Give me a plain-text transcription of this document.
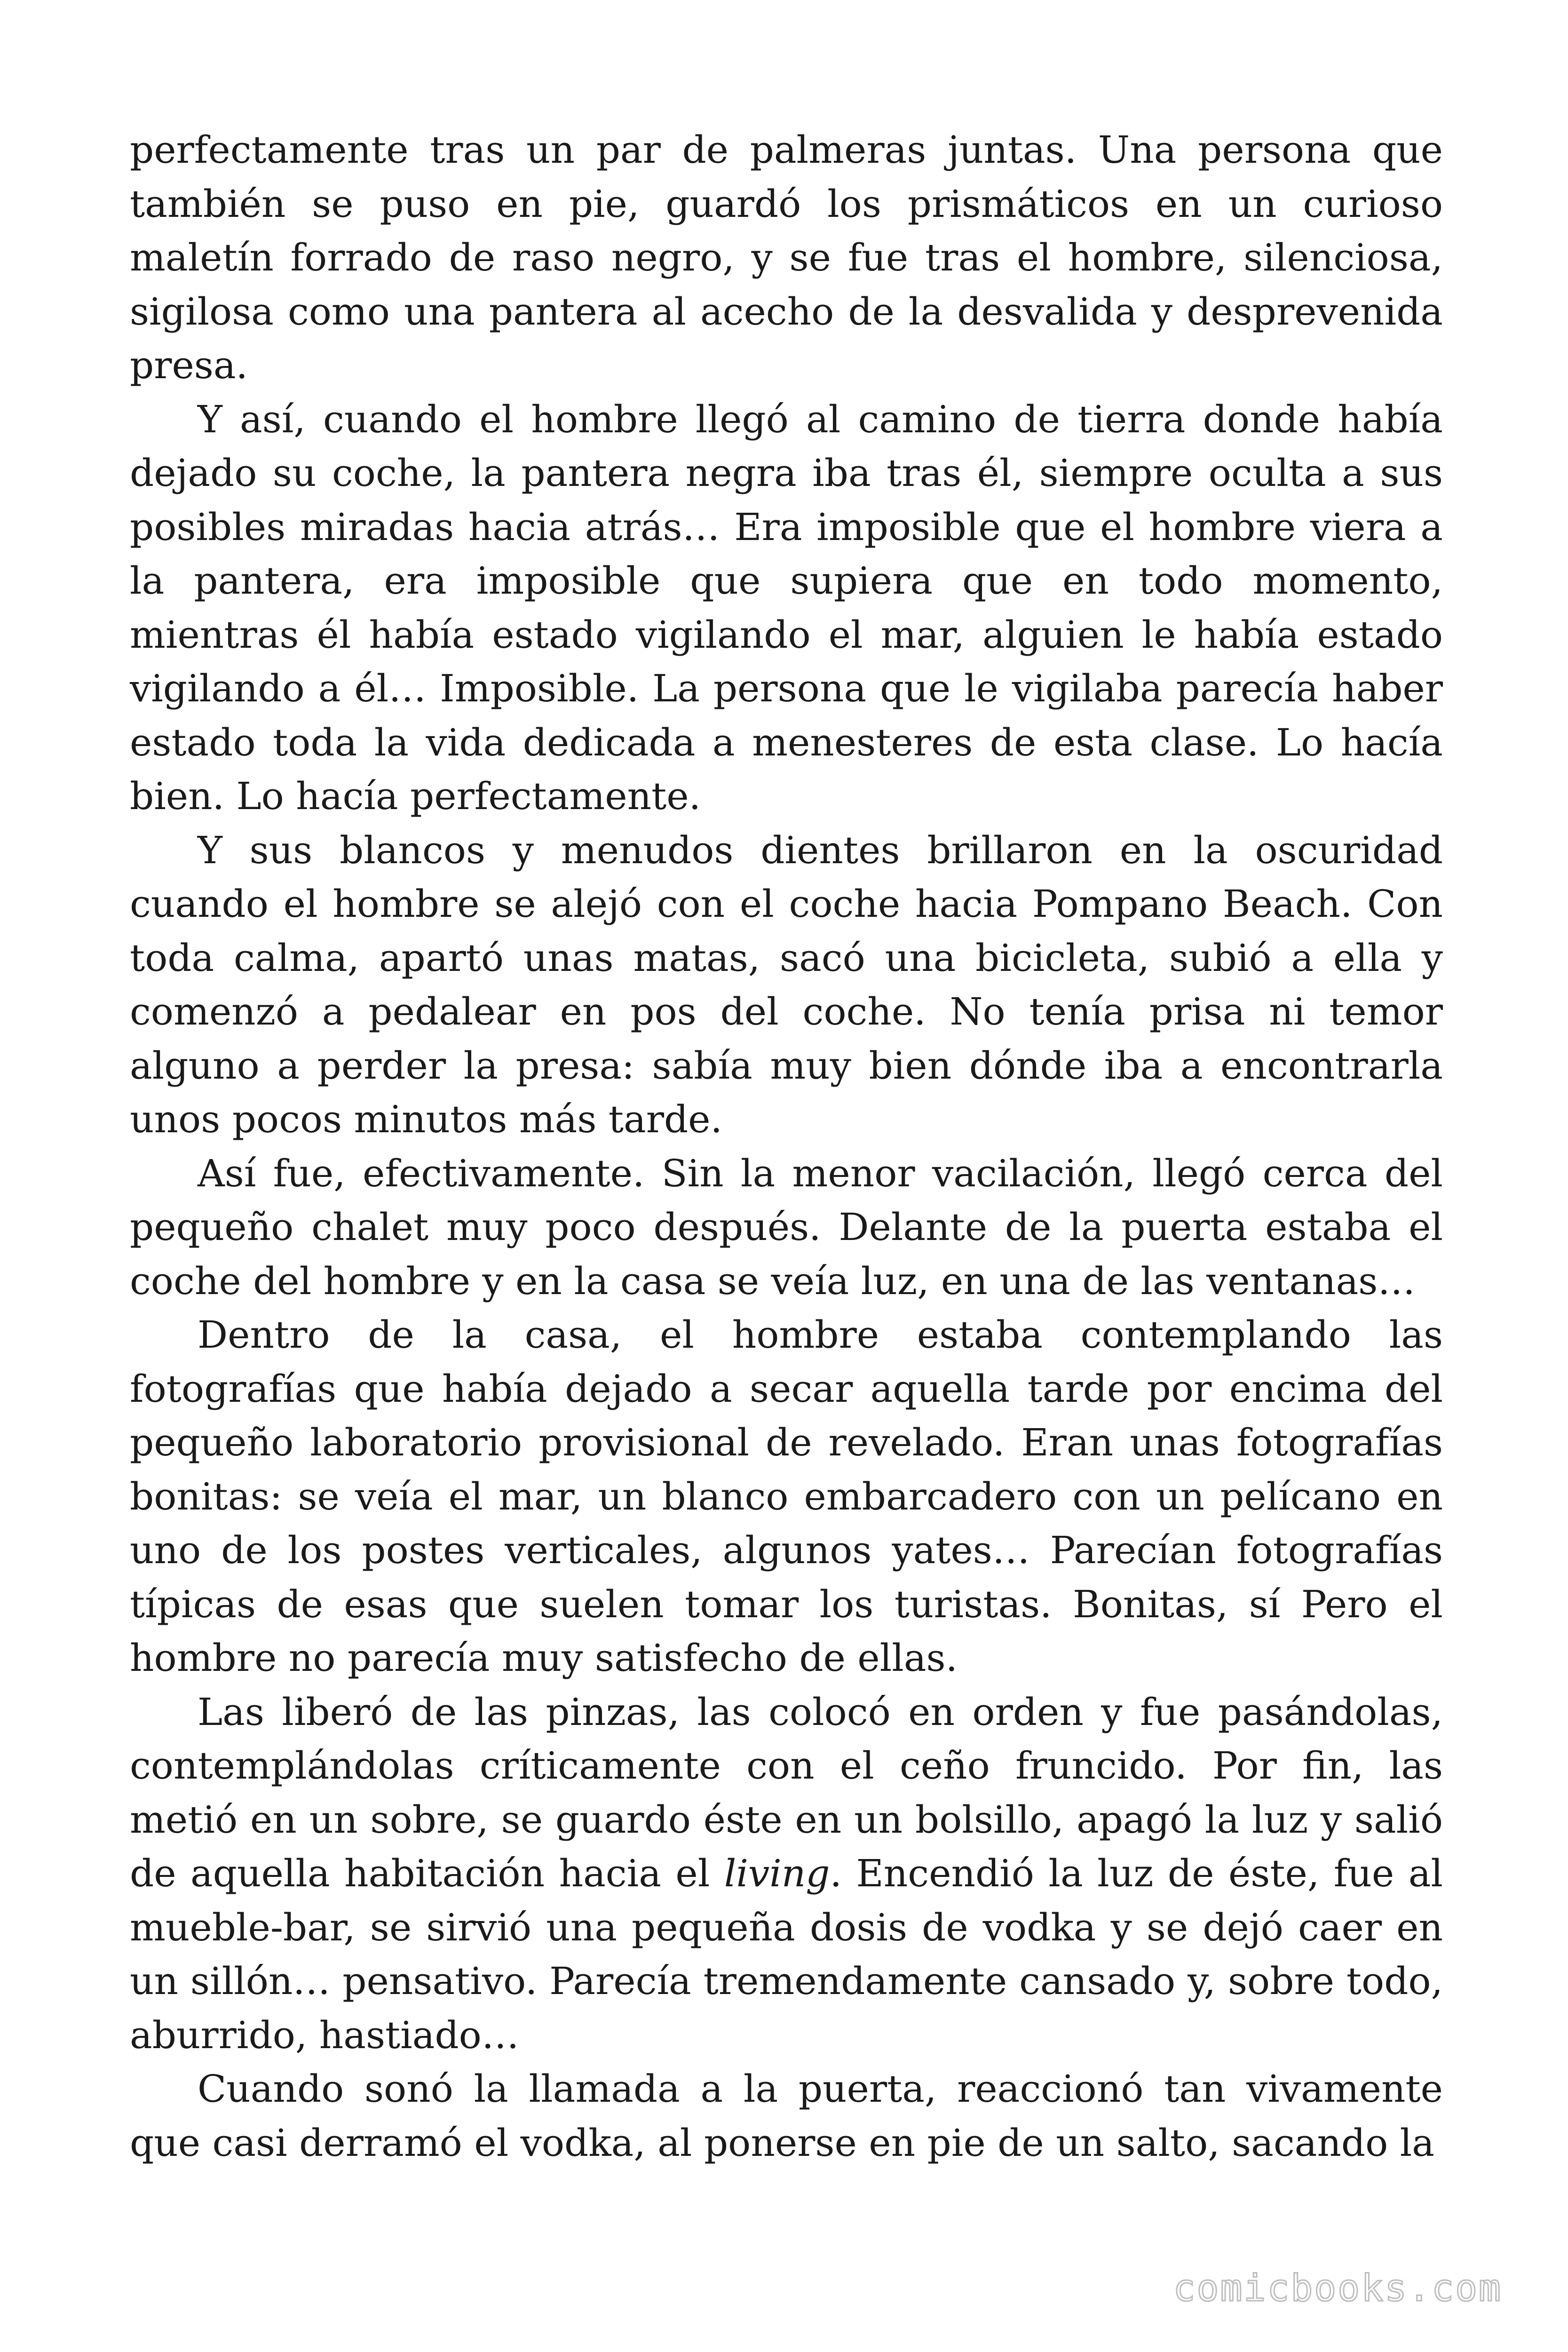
perfectamente tras un par de palmeras juntas. Una persona que también se puso en pie, guardó los prismáticos en un curioso maletín forrado de raso negro, y se fue tras el hombre, silenciosa, sigilosa como una pantera al acecho de la desvalida y desprevenida presa.

Y así, cuando el hombre llegó al camino de tierra donde había dejado su coche, la pantera negra iba tras él, siempre oculta a sus posibles miradas hacia atrás… Era imposible que el hombre viera a la pantera, era imposible que supiera que en todo momento, mientras él había estado vigilando el mar, alguien le había estado vigilando a él… Imposible. La persona que le vigilaba parecía haber estado toda la vida dedicada a menesteres de esta clase. Lo hacía bien. Lo hacía perfectamente.

Y sus blancos y menudos dientes brillaron en la oscuridad cuando el hombre se alejó con el coche hacia Pompano Beach. Con toda calma, apartó unas matas, sacó una bicicleta, subió a ella y comenzó a pedalear en pos del coche. No tenía prisa ni temor alguno a perder la presa: sabía muy bien dónde iba a encontrarla unos pocos minutos más tarde.

Así fue, efectivamente. Sin la menor vacilación, llegó cerca del pequeño chalet muy poco después. Delante de la puerta estaba el coche del hombre y en la casa se veía luz, en una de las ventanas…

Dentro de la casa, el hombre estaba contemplando las fotografías que había dejado a secar aquella tarde por encima del pequeño laboratorio provisional de revelado. Eran unas fotografías bonitas: se veía el mar, un blanco embarcadero con un pelícano en uno de los postes verticales, algunos yates… Parecían fotografías típicas de esas que suelen tomar los turistas. Bonitas, sí Pero el hombre no parecía muy satisfecho de ellas.

Las liberó de las pinzas, las colocó en orden y fue pasándolas, contemplándolas críticamente con el ceño fruncido. Por fin, las metió en un sobre, se guardo éste en un bolsillo, apagó la luz y salió de aquella habitación hacia el living. Encendió la luz de éste, fue al mueble-bar, se sirvió una pequeña dosis de vodka y se dejó caer en un sillón… pensativo. Parecía tremendamente cansado y, sobre todo, aburrido, hastiado…

Cuando sonó la llamada a la puerta, reaccionó tan vivamente que casi derramó el vodka, al ponerse en pie de un salto, sacando la

comicbooks.com
